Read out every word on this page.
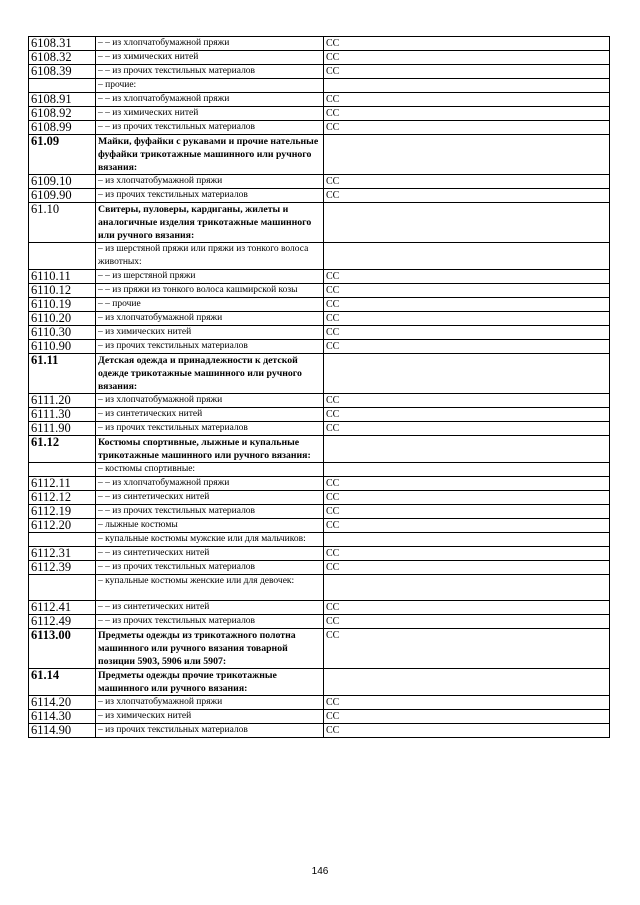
6108.31	– – из хлопчатобумажной пряжи	СС
6108.32	– – из химических нитей	СС
6108.39	– – из прочих текстильных материалов	СС
	– прочие:	
6108.91	– – из хлопчатобумажной пряжи	СС
6108.92	– – из химических нитей	СС
6108.99	– – из прочих текстильных материалов	СС
61.09	Майки, фуфайки с рукавами и прочие нательные фуфайки трикотажные машинного или ручного вязания:	
6109.10	– из хлопчатобумажной пряжи	СС
6109.90	– из прочих текстильных материалов	СС
61.10	Свитеры, пуловеры, кардиганы, жилеты и аналогичные изделия трикотажные машинного или ручного вязания:	
	– из шерстяной пряжи или пряжи из тонкого волоса животных:	
6110.11	– – из шерстяной пряжи	СС
6110.12	– – из пряжи из тонкого волоса кашмирской козы	СС
6110.19	– – прочие	СС
6110.20	– из хлопчатобумажной пряжи	СС
6110.30	– из химических нитей	СС
6110.90	– из прочих текстильных материалов	СС
61.11	Детская одежда и принадлежности к детской одежде трикотажные машинного или ручного вязания:	
6111.20	– из хлопчатобумажной пряжи	СС
6111.30	– из синтетических нитей	СС
6111.90	– из прочих текстильных материалов	СС
61.12	Костюмы спортивные, лыжные и купальные трикотажные машинного или ручного вязания:	
	– костюмы спортивные:	
6112.11	– – из хлопчатобумажной пряжи	СС
6112.12	– – из синтетических нитей	СС
6112.19	– – из прочих текстильных материалов	СС
6112.20	– лыжные костюмы	СС
	– купальные костюмы мужские или для мальчиков:	
6112.31	– – из синтетических нитей	СС
6112.39	– – из прочих текстильных материалов	СС
	– купальные костюмы женские или для девочек:	
6112.41	– – из синтетических нитей	СС
6112.49	– – из прочих текстильных материалов	СС
6113.00	Предметы одежды из трикотажного полотна машинного или ручного вязания товарной позиции 5903, 5906 или 5907:	СС
61.14	Предметы одежды прочие трикотажные машинного или ручного вязания:	
6114.20	– из хлопчатобумажной пряжи	СС
6114.30	– из химических нитей	СС
6114.90	– из прочих текстильных материалов	СС
146
